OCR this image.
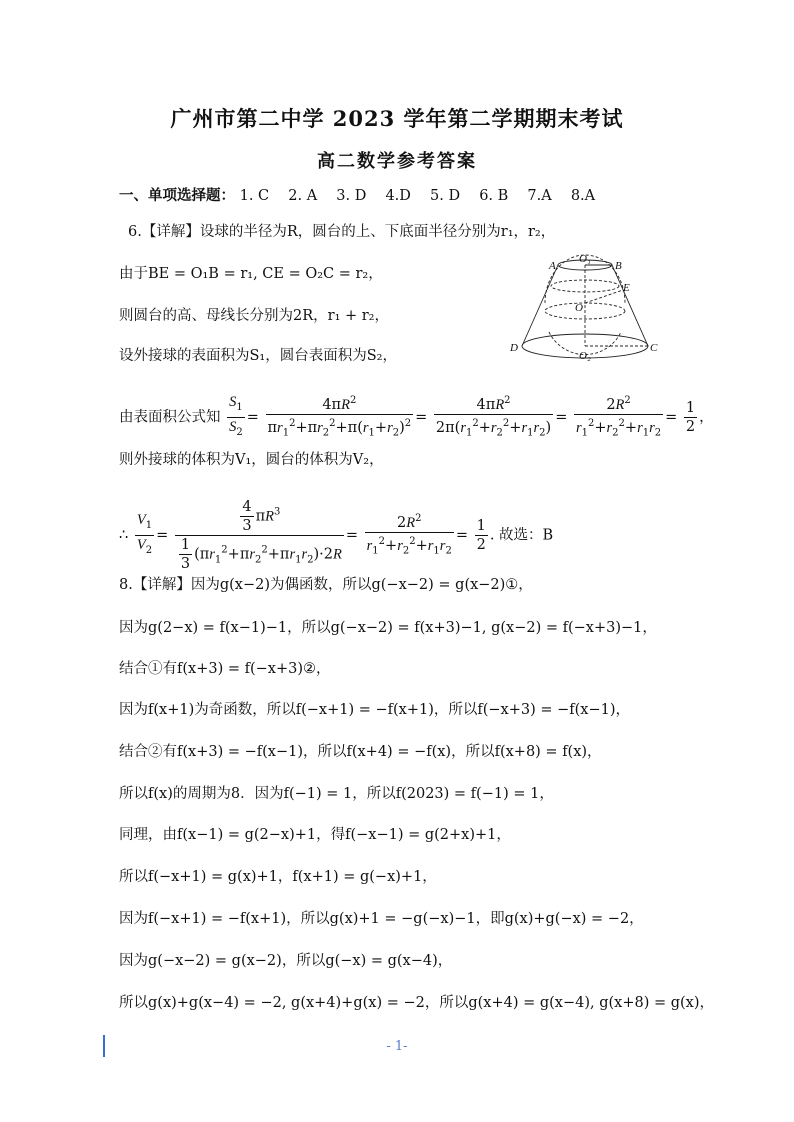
广州市第二中学 2023 学年第二学期期末考试
高二数学参考答案
一、单项选择题： 1. C　 2. A　 3. D　 4.D　 5. D　 6. B　 7.A　 8.A
6.【详解】设球的半径为R，圆台的上、下底面半径分别为r₁，r₂，
由于BE = O₁B = r₁, CE = O₂C = r₂，
则圆台的高、母线长分别为2R，r₁ + r₂，
设外接球的表面积为S₁，圆台表面积为S₂，
由表面积公式知 $\frac{S_1}{S_2} = \frac{4\pi R^2}{\pi r_1^2+\pi r_2^2+\pi(r_1+r_2)^2} = \frac{4\pi R^2}{2\pi(r_1^2+r_2^2+r_1r_2)} = \frac{2R^2}{r_1^2+r_2^2+r_1r_2} = \frac{1}{2}$ ，
则外接球的体积为V₁，圆台的体积为V₂，
∴ $\frac{V_1}{V_2} = \frac{\frac{4}{3} \pi R^3}{\frac{1}{3} (\pi r_1^2+\pi r_2^2+\pi r_1r_2)\cdot 2R} = \frac{2R^2}{r_1^2+r_2^2+r_1r_2} = \frac{1}{2}$ . 故选：B
A
O₁
B
E
O
D
O₂
C
8.【详解】因为g(x−2)为偶函数，所以g(−x−2) = g(x−2)①，
因为g(2−x) = f(x−1)−1，所以g(−x−2) = f(x+3)−1, g(x−2) = f(−x+3)−1，
结合①有f(x+3) = f(−x+3)②，
因为f(x+1)为奇函数，所以f(−x+1) = −f(x+1)，所以f(−x+3) = −f(x−1)，
结合②有f(x+3) = −f(x−1)，所以f(x+4) = −f(x)，所以f(x+8) = f(x)，
所以f(x)的周期为8．因为f(−1) = 1，所以f(2023) = f(−1) = 1，
同理，由f(x−1) = g(2−x)+1，得f(−x−1) = g(2+x)+1，
所以f(−x+1) = g(x)+1，f(x+1) = g(−x)+1，
因为f(−x+1) = −f(x+1)，所以g(x)+1 = −g(−x)−1，即g(x)+g(−x) = −2，
因为g(−x−2) = g(x−2)，所以g(−x) = g(x−4)，
所以g(x)+g(x−4) = −2, g(x+4)+g(x) = −2，所以g(x+4) = g(x−4), g(x+8) = g(x)，
- 1-
